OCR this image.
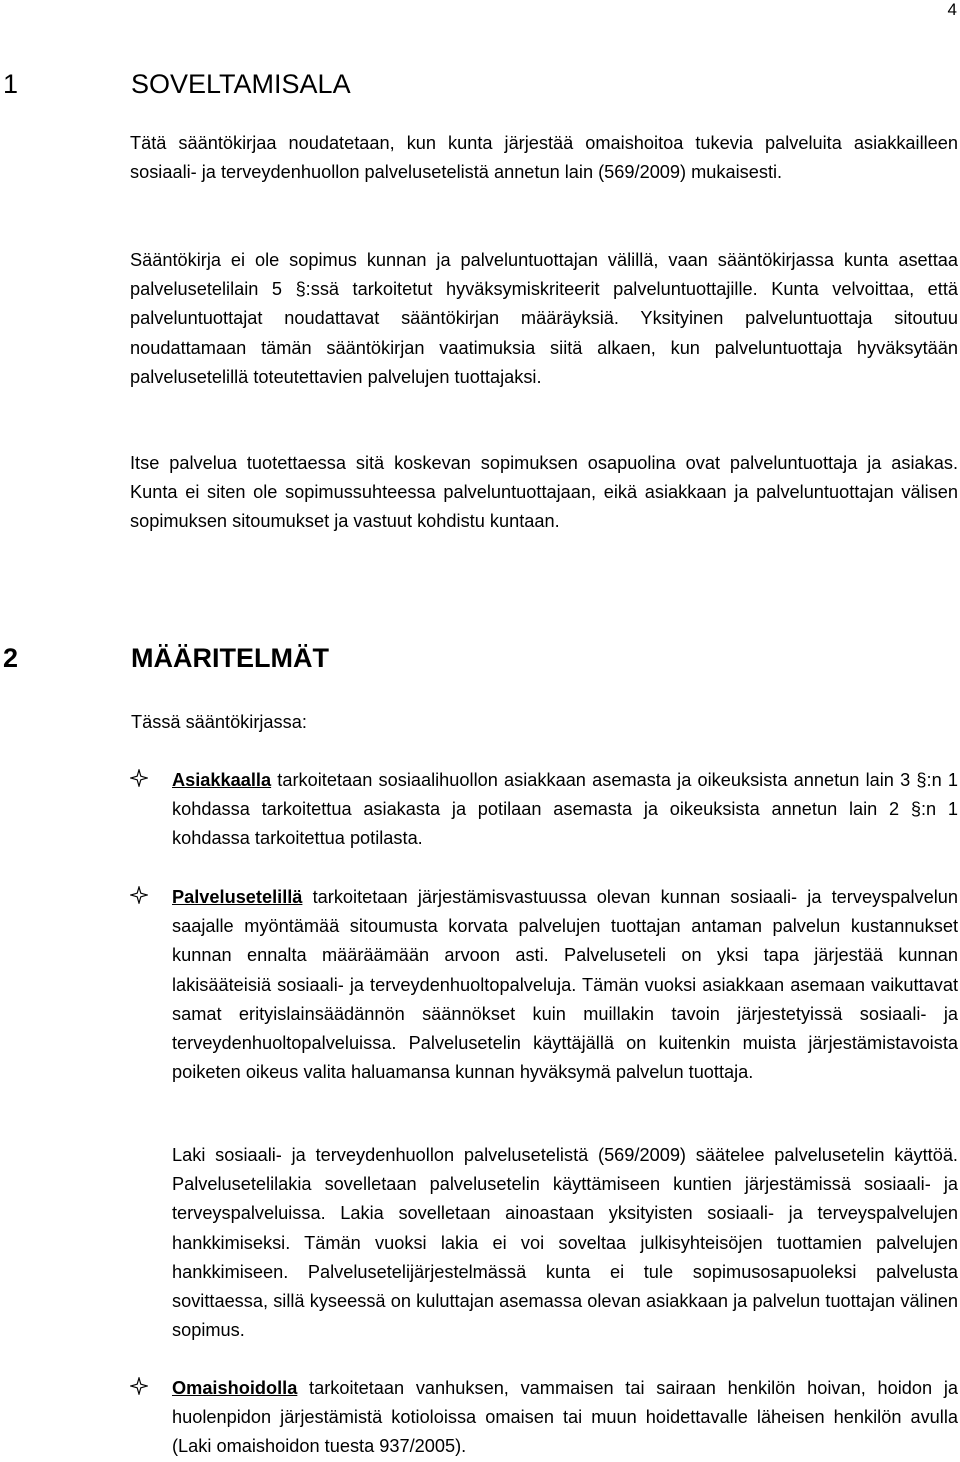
4
1	SOVELTAMISALA

Tätä sääntökirjaa noudatetaan, kun kunta järjestää omaishoitoa tukevia palveluita asiakkailleen sosiaali- ja terveydenhuollon palvelusetelistä annetun lain (569/2009) mukaisesti.

Sääntökirja ei ole sopimus kunnan ja palveluntuottajan välillä, vaan sääntökirjassa kunta asettaa palvelusetelilain 5 §:ssä tarkoitetut hyväksymiskriteerit palveluntuottajille. Kunta velvoittaa, että palveluntuottajat noudattavat sääntökirjan määräyksiä. Yksityinen palveluntuottaja sitoutuu noudattamaan tämän sääntökirjan vaatimuksia siitä alkaen, kun palveluntuottaja hyväksytään palvelusetelillä toteutettavien palvelujen tuottajaksi.

Itse palvelua tuotettaessa sitä koskevan sopimuksen osapuolina ovat palveluntuottaja ja asiakas. Kunta ei siten ole sopimussuhteessa palveluntuottajaan, eikä asiakkaan ja palveluntuottajan välisen sopimuksen sitoumukset ja vastuut kohdistu kuntaan.

2	MÄÄRITELMÄT

Tässä sääntökirjassa:

Asiakkaalla tarkoitetaan sosiaalihuollon asiakkaan asemasta ja oikeuksista annetun lain 3 §:n 1 kohdassa tarkoitettua asiakasta ja potilaan asemasta ja oikeuksista annetun lain 2 §:n 1 kohdassa tarkoitettua potilasta.

Palvelusetelillä tarkoitetaan järjestämisvastuussa olevan kunnan sosiaali- ja terveyspalvelun saajalle myöntämää sitoumusta korvata palvelujen tuottajan antaman palvelun kustannukset kunnan ennalta määräämään arvoon asti. Palveluseteli on yksi tapa järjestää kunnan lakisääteisiä sosiaali- ja terveydenhuoltopalveluja. Tämän vuoksi asiakkaan asemaan vaikuttavat samat erityislainsäädännön säännökset kuin muillakin tavoin järjestetyissä sosiaali- ja terveydenhuoltopalveluissa. Palvelusetelin käyttäjällä on kuitenkin muista järjestämistavoista poiketen oikeus valita haluamansa kunnan hyväksymä palvelun tuottaja.

Laki sosiaali- ja terveydenhuollon palvelusetelistä (569/2009) säätelee palvelusetelin käyttöä. Palvelusetelilakia sovelletaan palvelusetelin käyttämiseen kuntien järjestämissä sosiaali- ja terveyspalveluissa. Lakia sovelletaan ainoastaan yksityisten sosiaali- ja terveyspalvelujen hankkimiseksi. Tämän vuoksi lakia ei voi soveltaa julkisyhteisöjen tuottamien palvelujen hankkimiseen. Palvelusetelijärjestelmässä kunta ei tule sopimusosapuoleksi palvelusta sovittaessa, sillä kyseessä on kuluttajan asemassa olevan asiakkaan ja palvelun tuottajan välinen sopimus.

Omaishoidolla tarkoitetaan vanhuksen, vammaisen tai sairaan henkilön hoivan, hoidon ja huolenpidon järjestämistä kotioloissa omaisen tai muun hoidettavalle läheisen henkilön avulla (Laki omaishoidon tuesta 937/2005).
